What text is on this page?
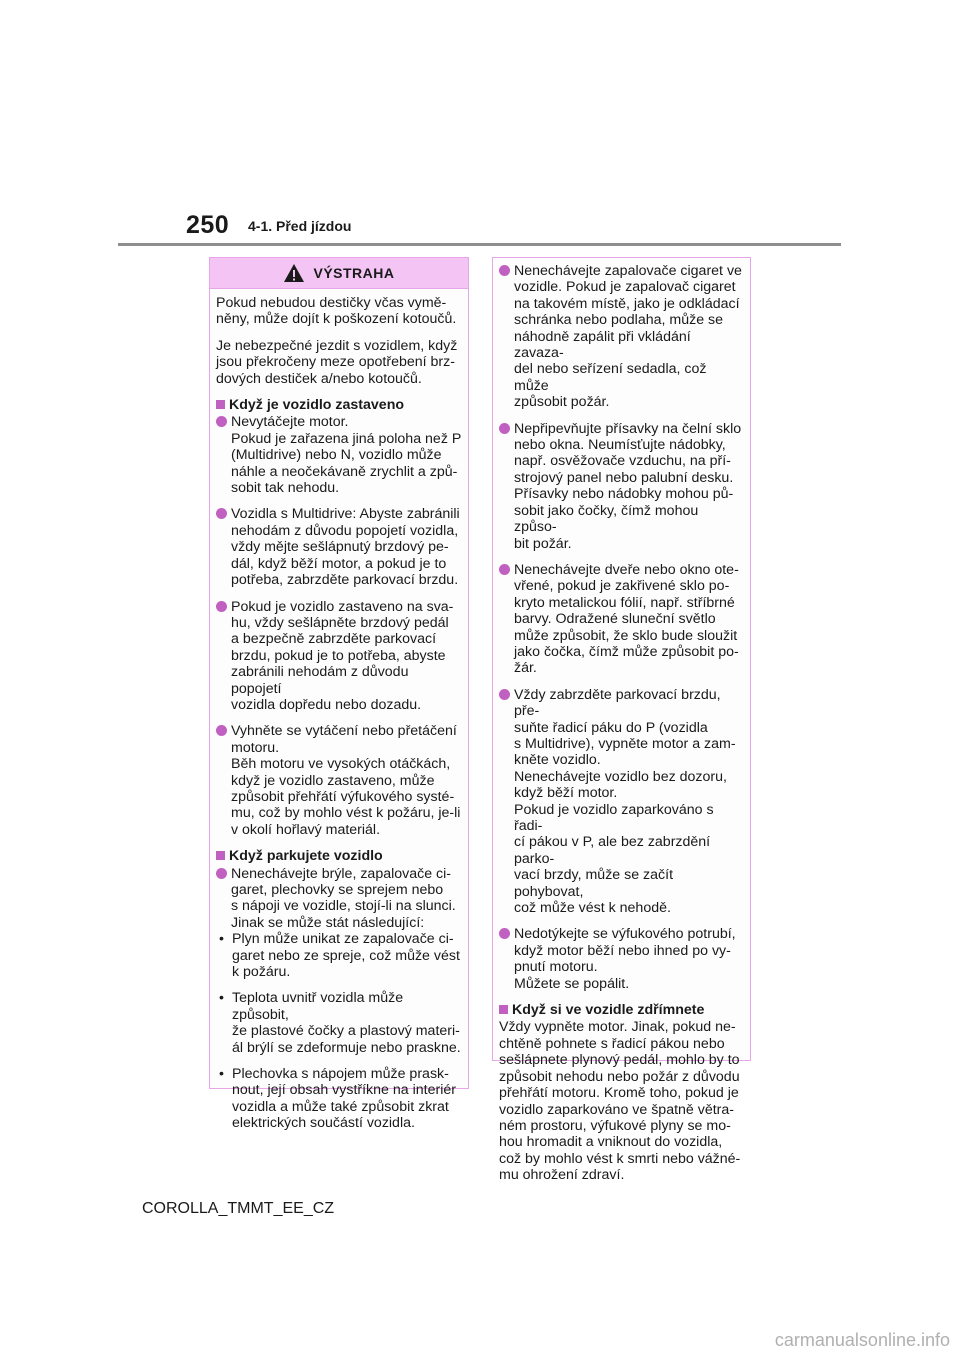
250 4-1. Před jízdou
VÝSTRAHA

Pokud nebudou destičky včas vymě-
něny, může dojít k poškození kotoučů.

Je nebezpečné jezdit s vozidlem, když
jsou překročeny meze opotřebení brz-
dových destiček a/nebo kotoučů.

Když je vozidlo zastaveno
Nevytáčejte motor.
Pokud je zařazena jiná poloha než P
(Multidrive) nebo N, vozidlo může
náhle a neočekávaně zrychlit a způ-
sobit tak nehodu.
Vozidla s Multidrive: Abyste zabránili
nehodám z důvodu popojetí vozidla,
vždy mějte sešlápnutý brzdový pe-
dál, když běží motor, a pokud je to
potřeba, zabrzděte parkovací brzdu.
Pokud je vozidlo zastaveno na sva-
hu, vždy sešlápněte brzdový pedál
a bezpečně zabrzděte parkovací
brzdu, pokud je to potřeba, abyste
zabránili nehodám z důvodu popojetí
vozidla dopředu nebo dozadu.
Vyhněte se vytáčení nebo přetáčení
motoru.
Běh motoru ve vysokých otáčkách,
když je vozidlo zastaveno, může
způsobit přehřátí výfukového systé-
mu, což by mohlo vést k požáru, je-li
v okolí hořlavý materiál.
Když parkujete vozidlo
Nenechávejte brýle, zapalovače ci-
garet, plechovky se sprejem nebo
s nápoji ve vozidle, stojí-li na slunci.
Jinak se může stát následující:
• Plyn může unikat ze zapalovače ci-
garet nebo ze spreje, což může vést
k požáru.
• Teplota uvnitř vozidla může způsobit,
že plastové čočky a plastový materi-
ál brýlí se zdeformuje nebo praskne.
• Plechovka s nápojem může prask-
nout, její obsah vystříkne na interiér
vozidla a může také způsobit zkrat
elektrických součástí vozidla.
Nenechávejte zapalovače cigaret ve
vozidle. Pokud je zapalovač cigaret
na takovém místě, jako je odkládací
schránka nebo podlaha, může se
náhodně zapálit při vkládání zavaza-
del nebo seřízení sedadla, což může
způsobit požár.
Nepřipevňujte přísavky na čelní sklo
nebo okna. Neumísťujte nádobky,
např. osvěžovače vzduchu, na pří-
strojový panel nebo palubní desku.
Přísavky nebo nádobky mohou pů-
sobit jako čočky, čímž mohou způso-
bit požár.
Nenechávejte dveře nebo okno ote-
vřené, pokud je zakřivené sklo po-
kryto metalickou fólií, např. stříbrné
barvy. Odražené sluneční světlo
může způsobit, že sklo bude sloužit
jako čočka, čímž může způsobit po-
žár.
Vždy zabrzděte parkovací brzdu, pře-
suňte řadicí páku do P (vozidla
s Multidrive), vypněte motor a zam-
kněte vozidlo.
Nenechávejte vozidlo bez dozoru,
když běží motor.
Pokud je vozidlo zaparkováno s řadi-
cí pákou v P, ale bez zabrzdění parko-
vací brzdy, může se začít pohybovat,
což může vést k nehodě.
Nedotýkejte se výfukového potrubí,
když motor běží nebo ihned po vy-
pnutí motoru.
Můžete se popálit.
Když si ve vozidle zdřímnete

Vždy vypněte motor. Jinak, pokud ne-
chtěně pohnete s řadicí pákou nebo
sešlápnete plynový pedál, mohlo by to
způsobit nehodu nebo požár z důvodu
přehřátí motoru. Kromě toho, pokud je
vozidlo zaparkováno ve špatně větra-
ném prostoru, výfukové plyny se mo-
hou hromadit a vniknout do vozidla,
což by mohlo vést k smrti nebo vážné-
mu ohrožení zdraví.

COROLLA_TMMT_EE_CZ
carmanualsonline.info
